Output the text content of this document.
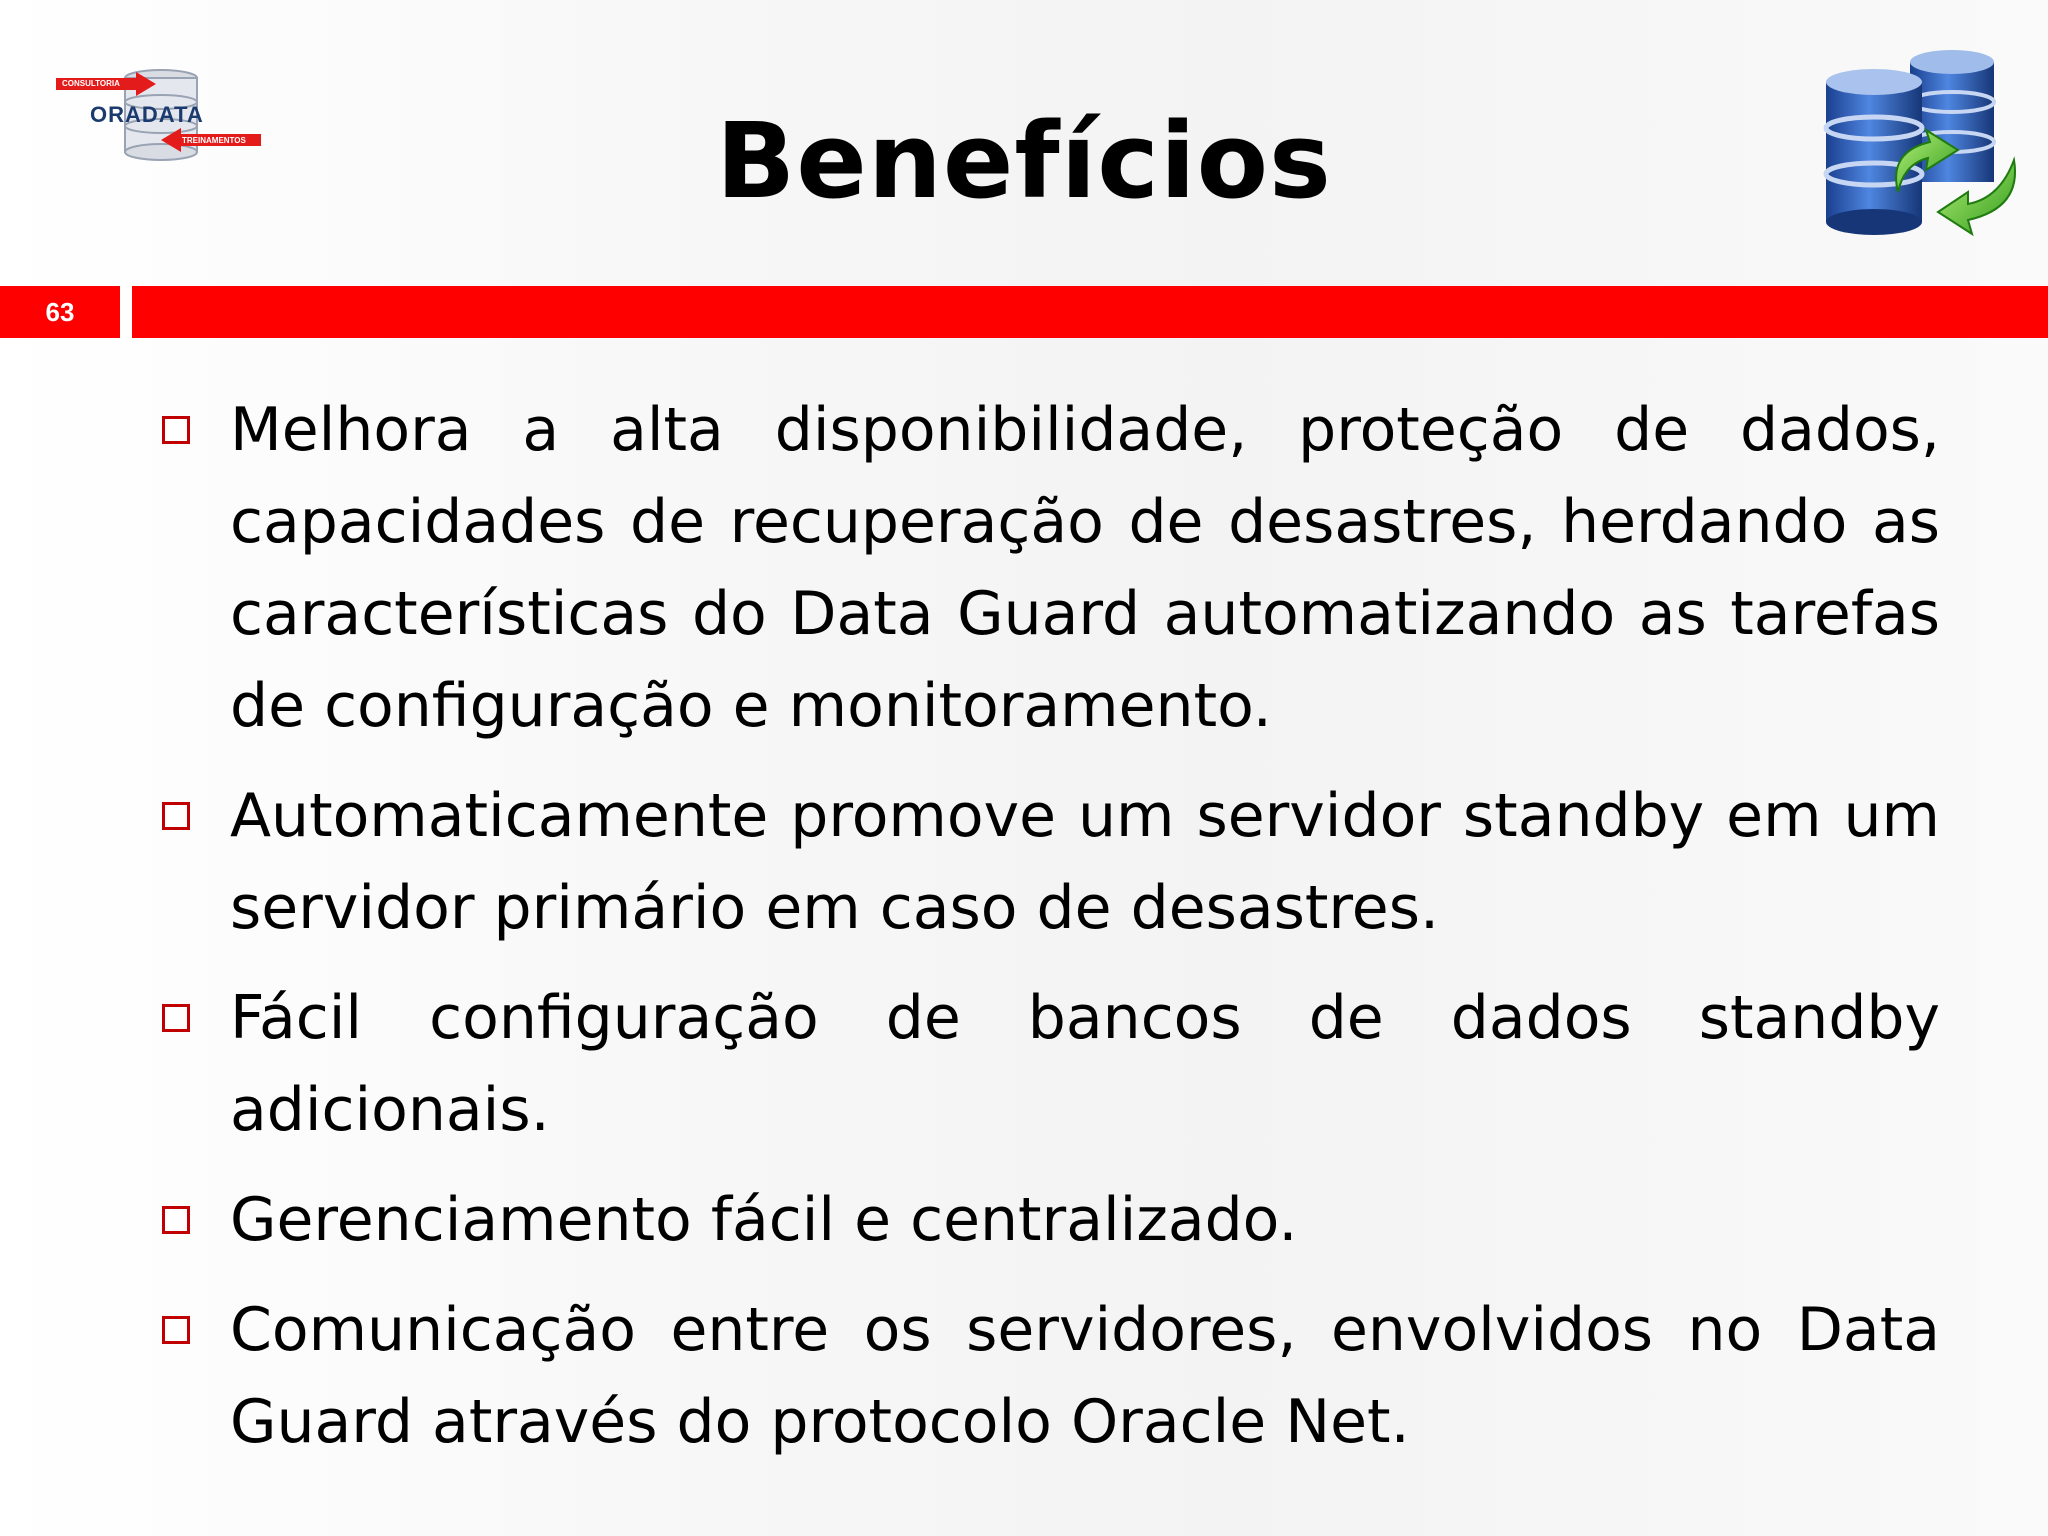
CONSULTORIA
ORADATA
TREINAMENTOS	Benefícios
63
Melhora a alta disponibilidade, proteção de dados, capacidades de recuperação de desastres, herdando as características do Data Guard automatizando as tarefas de configuração e monitoramento.
Automaticamente promove um servidor standby em um servidor primário em caso de desastres.
Fácil configuração de bancos de dados standby adicionais.
Gerenciamento fácil e centralizado.
Comunicação entre os servidores, envolvidos no Data Guard através do protocolo Oracle Net.
